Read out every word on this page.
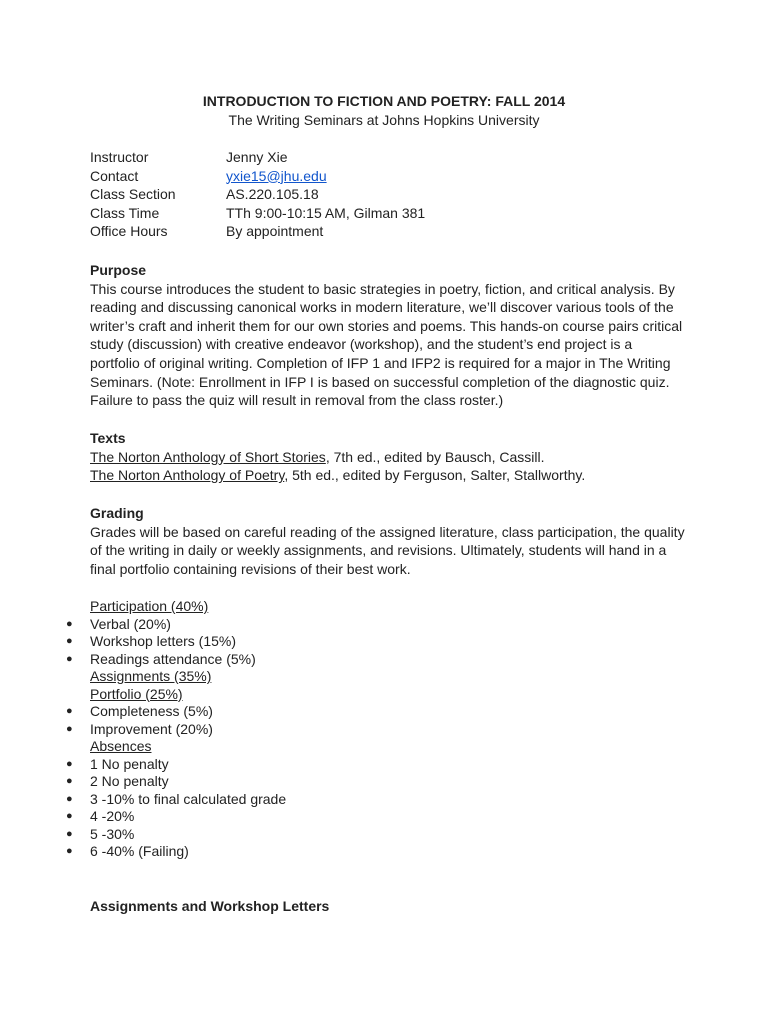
INTRODUCTION TO FICTION AND POETRY: FALL 2014
The Writing Seminars at Johns Hopkins University
Instructor	Jenny Xie
Contact	yxie15@jhu.edu
Class Section	AS.220.105.18
Class Time	TTh 9:00-10:15 AM, Gilman 381
Office Hours	By appointment
Purpose
This course introduces the student to basic strategies in poetry, fiction, and critical analysis. By
reading and discussing canonical works in modern literature, we’ll discover various tools of the
writer’s craft and inherit them for our own stories and poems. This hands-on course pairs critical
study (discussion) with creative endeavor (workshop), and the student’s end project is a
portfolio of original writing. Completion of IFP 1 and IFP2 is required for a major in The Writing
Seminars. (Note: Enrollment in IFP I is based on successful completion of the diagnostic quiz.
Failure to pass the quiz will result in removal from the class roster.)
Texts
The Norton Anthology of Short Stories, 7th ed., edited by Bausch, Cassill.
The Norton Anthology of Poetry, 5th ed., edited by Ferguson, Salter, Stallworthy.
Grading
Grades will be based on careful reading of the assigned literature, class participation, the quality
of the writing in daily or weekly assignments, and revisions. Ultimately, students will hand in a
final portfolio containing revisions of their best work.
Participation (40%)
● Verbal (20%)
● Workshop letters (15%)
● Readings attendance (5%)
Assignments (35%)
Portfolio (25%)
● Completeness (5%)
● Improvement (20%)
Absences
● 1 No penalty
● 2 No penalty
● 3 -10% to final calculated grade
● 4 -20%
● 5 -30%
● 6 -40% (Failing)
Assignments and Workshop Letters
